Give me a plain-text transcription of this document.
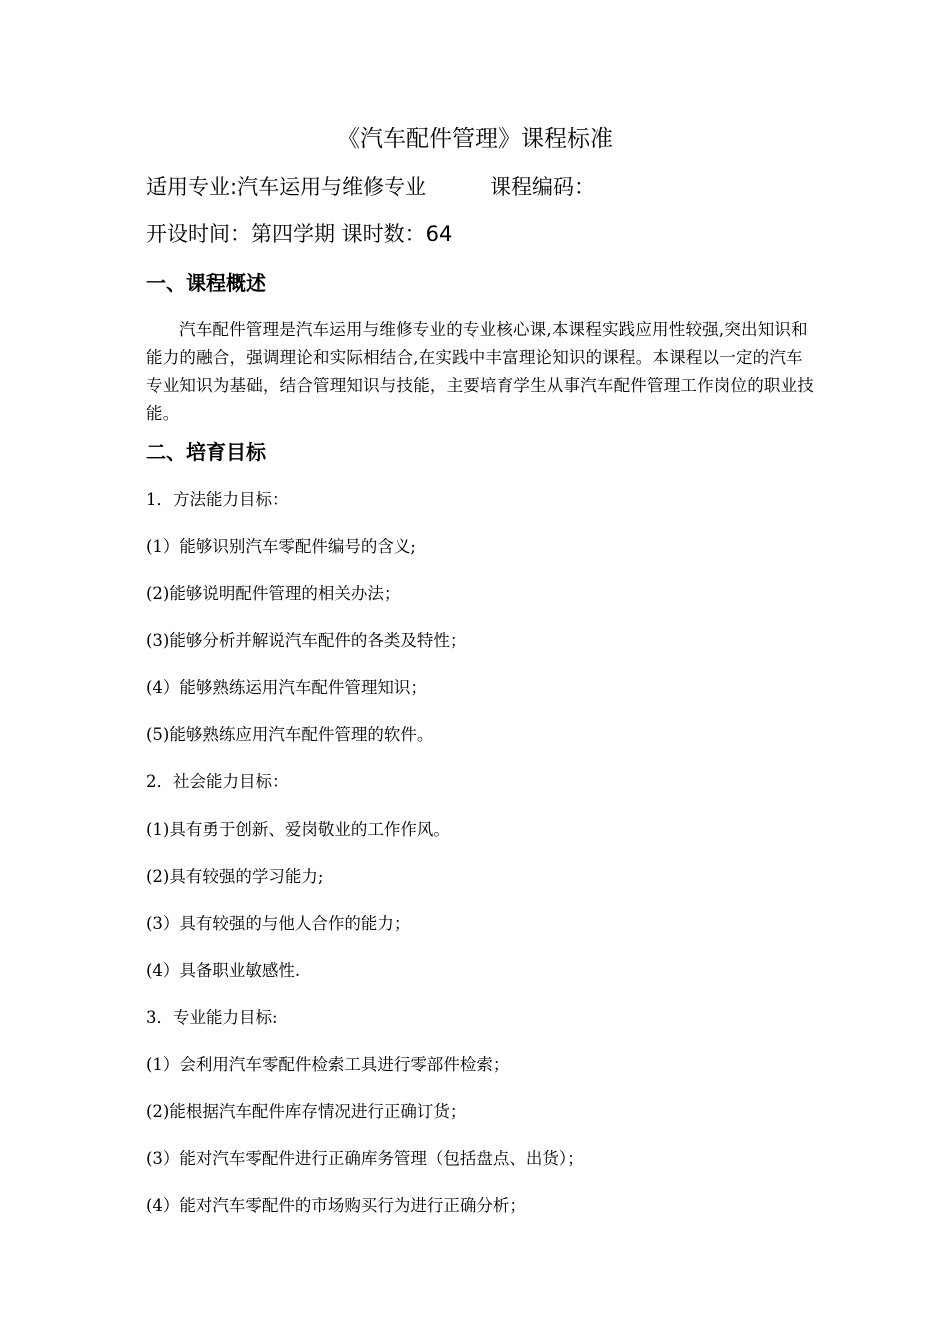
《汽车配件管理》课程标准
适用专业:汽车运用与维修专业	课程编码：
开设时间：第四学期 课时数：64
一、课程概述
汽车配件管理是汽车运用与维修专业的专业核心课,本课程实践应用性较强,突出知识和能力的融合，强调理论和实际相结合,在实践中丰富理论知识的课程。本课程以一定的汽车专业知识为基础，结合管理知识与技能，主要培育学生从事汽车配件管理工作岗位的职业技能。
二、培育目标
1．方法能力目标：
(1）能够识别汽车零配件编号的含义;
(2)能够说明配件管理的相关办法；
(3)能够分析并解说汽车配件的各类及特性；
(4）能够熟练运用汽车配件管理知识；
(5)能够熟练应用汽车配件管理的软件。
2．社会能力目标：
(1)具有勇于创新、爱岗敬业的工作作风。
(2)具有较强的学习能力;
(3）具有较强的与他人合作的能力；
(4）具备职业敏感性.
3．专业能力目标:
(1）会利用汽车零配件检索工具进行零部件检索；
(2)能根据汽车配件库存情况进行正确订货；
(3）能对汽车零配件进行正确库务管理（包括盘点、出货）；
(4）能对汽车零配件的市场购买行为进行正确分析；
